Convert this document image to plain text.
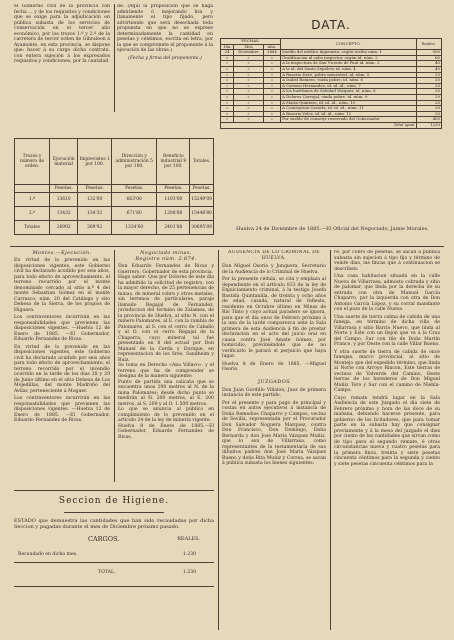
el Gobierno civil de la provincia con fecha ... y de los requisitos y condiciones que se exige para la adjudicación en pública subasta de los servicios de conservación en el tercer año económico, por los trozos 1.º y 2.º de la carretera de tercer orden de Gibraleon á Ayamonte, en esta provincia, se dispone que: hacer á su cargo dicha contrata, con entera sujeción á los expresados requisitos y condiciones, por la cantidad

de. (Aquí la proposición que se haga admitiendo ó mejorando lisa y llanamente el tipo fijado, pero advirtiendo que será desechada toda propuesta en que no se exprese determinadamente la cantidad en pesetas y céntimos, escrita en letra, por la que se compromete el proponente á la ejecución de las obras.)

(Fecha y firma del proponente.)

Trozos y número de orden.	Ejecución material	Imprevistos 1 por 100.	Dirección y administración 5 por 100.	Beneficio industrial 9 por 100.	Totales.
	Pesetas.	Pesetas.	Pesetas.	Pesetas.	Pesetas.
1.º	13610	132'00	663'00	1193'00	15249'09
2.º	13432	134'32	671'60	1208'88	15446'80
Totales	26992	269'92	1334'60	2401'88	30695'89
DATA.
FECHAS.			CONCEPTO.	Reales.
Dia	Mes	Año.		
24	Diciembre	1884	Sueldo del médico higienista, según recibo núm. 1	500
»	»	»	Gratificacion al cabo inspector, según id. núm. 2	60
»	»	»	A la inspectora de San Vicente de Paul id. núm. 3	40
»	»	»	A la id. del Santo Sepulcro id. núm. 4	40
»	»	»	A Rosario Dare, pobre menestral, id. núm. 5	20
»	»	»	A Isabel Romero, viuda pobre, id. núm. 6	20
»	»	»	A Carmen Hernandez, id. id. id., núm. 7	20
»	»	»	A los huérfanos de Soledad Vázquez, id. núm. 8	20
»	»	»	A Dolores Carvajal, viuda pobre, id. núm. 9	20
»	»	»	A María Quintero, id. id. id., núm. 10	20
»	»	»	A Concepcion Cazorla, id. id. id., núm. 11	20
»	»	»	A Rosario Velez, id. id. id., núm. 12	20
»	»	»	Por sueldo de conserje reservado del Gobernador	400
Total igual				1230

Huelva 24 de Diciembre de 1885.—El Oficial del Negociado, Jaime Morales.

Montes.—Ejecución.

En virtud de lo prevenido en las disposiciones vigentes, este Gobierno civil ha declarado acudido por seis años, para todo efecto de aprovechamiento, el terreno recurrido por el monte denominado cercado al sitio n.º 4 del monte Sebastian Gómez en el monte Carrasco, núm. 20 del Catálogo y sito Dehesa de la Sierra, de los propios de Higuera.

Los contraventores incurrirán en las responsabilidades que previenen las disposiciones vigentes. —Huelva 12 de Enero de 1885. —El Gobernador, Eduardo Fernandez de Rivas.

En virtud de lo prevenido en las disposiciones vigentes, este Gobierno civil ha declarado acudido por seis años para todo efecto de aprovechamiento, el terreno recorrido por el incendio ocurrido en la tarde de los días 28 y 29 de Junio último en el sitio Dehesa de Los Mojedillas, del monte Madroño del Avilar, perteneciente á Moguer.

Los contraventores incurrirán en las responsabilidades que previenen las disposiciones vigentes. —Huelva 12 de Enero de 1885. —El Gobernador, Eduardo Fernandez de Rivas.

Negociado minas.
Registro núm. 2.874.

Don Eduardo Fernandez de Rivas y Guerrero, Gobernador de esta provincia.

Hago saber: Que por Dolores de este día ha admitido la solicitud de registro, con la mayor derecho, de 25 pertenencias de minas, de mineral cobre y otros metales, sin terrenos de particulares, paraje llamado Regajal de Fernandez, jurisdiccion del término de Zalamea, de la provincia de Huelva, al sitio N. con el minero Palomares, al E. con la rambla de Palomares, al S. con el cerro de Caballo y al O. con el cerro Regajal de la Chaparra, cuyo mineral tal fué presentado en 8 del actual por Don Manuel de la Cerda y Enrique, en representacion de los Sres. Sandheim y Ruiz.

Se toma en Derecho «Ana Villavo», y el terreno que ha de comprender se designa de la manera siguiente:

Punto de partida una calicata que se encuentra unos 100 metros al N. de la mina Palomares; desde dicho punto se medirán al N. 200 metros, al E. 200 metros, al S. 200 y al O. 1.500 metros.

Lo que se anuncia al público en cumplimiento de lo prevenido en el artículo 24 de la ley de minería vigente.

Huelva 8 de Enero de 1885.—El Gobernador, Eduardo Fernandez de Rivas.

Seccion de Higiene.

ESTADO que demuestra las cantidades que han sido recaudadas por dicha Seccion y pagadas durante el mes de Diciembre próximo pasado.

CARGOS.	REALES.
Recaudado en dicho mes.	1.230
TOTAL.	1.230
AUDIENCIA DE LO CRIMINAL DE HUELVA.

Don Miguel Osorio y Junquera, Secretario de la Audiencia de lo Criminal de Huelva.

Por la presente cédula, se cita y emplaza al dependiente en el artículo 833 de la ley de Enjuiciamiento criminal, á la testigo Josefa Bastida Quintanilla, de treinta y ocho años de edad, casada, natural de Infiesta, residente en Octubre último en Minas de Rio Tinto y cuyo actual paradero se ignora, para que el dia once de Febrero próximo á la una de la tarde comparezca ante la Sala primera de esta Audiencia á fin de prestar declaracion en el acto del juicio oral en causa contra José Amate Gómez, por homicidio, previniéndole que de no verificarlo le parará el perjuicio que haya lugar.

Huelva 8 de Enero de 1885. —Miguel Osorio.

JUZGADOS

Don Juan Gordillo Villalon, Juez de primera instancia de este partido.

Por el presente y para pago de principal y costas en autos ejecutivos á instancia de Doña Remedios Chaparro y Campos, vecina de Sevilla, representada por el Procurador Don Salvador Noguera Marquez, contra Don Francisco, Don Domingo, Doña Bernarda y don José María Vázquez Muñiz, que lo son de Villarrasa, como representantes de la testamentaría de sus difuntos padres don José María Vázquez Bueno y doña Rita Muñiz y Correa, se sacan á pública subasta los bienes siguientes:

re, por cobro de pesetas, se sacan á pública subasta sin sujecion á tipo fijo y término de veinte dias, las fincas que á continuacion se describen:

Una casa habitacion situada en la calle Nueva de Villarrasa, admosto cobrada y sitio de palomar, que linda por la derecha de su entrada con otra de Manuel García Chaparro, por la izquierda con otra de Don Antonio García López, y su corral mandante con el pozo de la calle Nueva.

Una suerte de tierra calma de cabida de una fanega, en término de dicha villa de Villarrasa y sitio Barrio Nuevo, que linda al Norte y Este con un llejon que va á la Cruz del Campo, Sur con tilo de Doña Martin Franco, y por Oeste con la calle Villar Bueno.

Y otra suerte de tierra de cabida de once fanegas, marco provincial, al sitio de Montejo que del expedido término, que linda al Norte con Arroyo Rincon, Este tierras de vecinos de Valverde del Camino, Oeste tierras de los herederos de Don Miguel Muñiz Toro y Sur con el camino de Niebla-Campo.

Cuyo remate tendrá lugar en la Sala Audiencia de este Juzgado el dia siete de Febrero próximo y hora de las doce de su mañana, debiendo hacerse presente, para gobierno de los licitadores, que para tomar parte en la subasta hay que consignar previamente y á la mesa del juzgado el diez por ciento de las cantidades que sirvan como de tipo para el segundo remate, é otras circunstancias nueva y cuatro pesetas para la primera finca, treinta y siete pesetas cincuenta céntimos para la segunda y ciento y siete pesetas cincuenta céntimos para la
